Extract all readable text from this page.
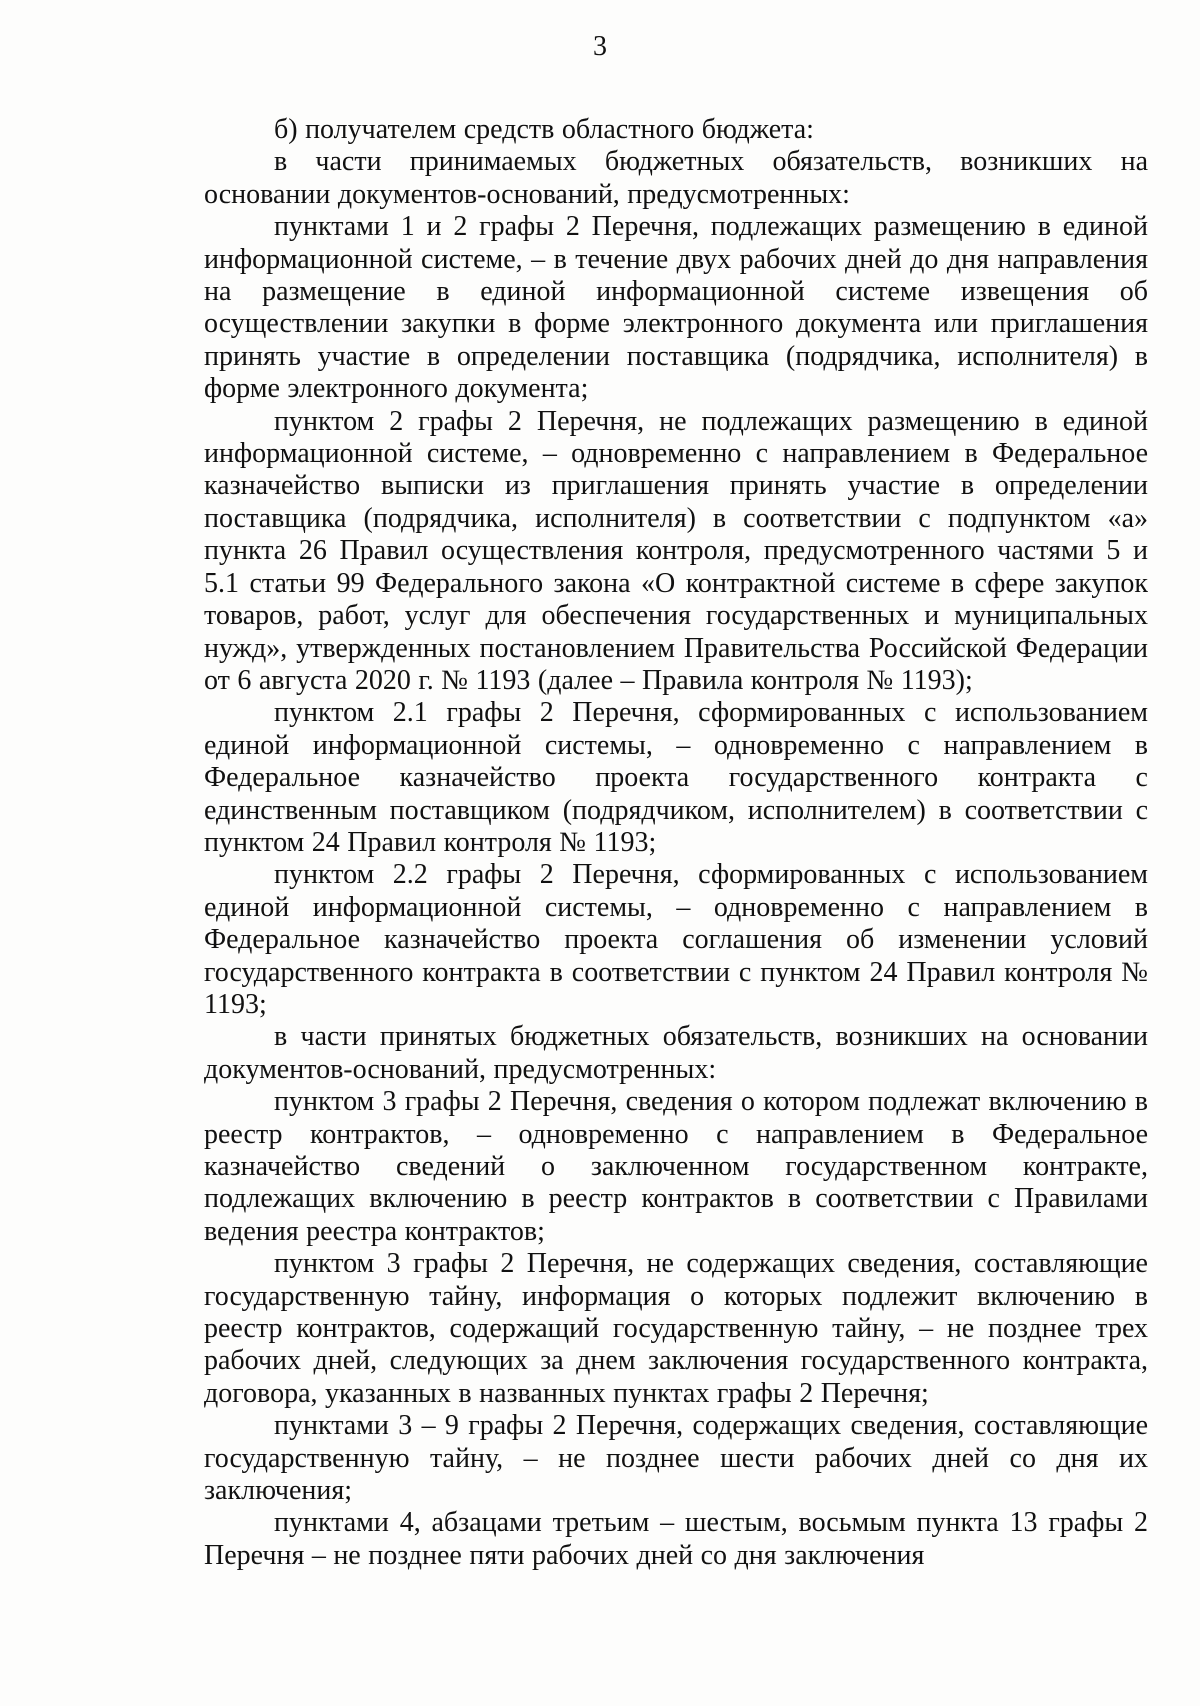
3

б) получателем средств областного бюджета:

в части принимаемых бюджетных обязательств, возникших на основании документов-оснований, предусмотренных:

пунктами 1 и 2 графы 2 Перечня, подлежащих размещению в единой информационной системе, – в течение двух рабочих дней до дня направления на размещение в единой информационной системе извещения об осуществлении закупки в форме электронного документа или приглашения принять участие в определении поставщика (подрядчика, исполнителя) в форме электронного документа;

пунктом 2 графы 2 Перечня, не подлежащих размещению в единой информационной системе, – одновременно с направлением в Федеральное казначейство выписки из приглашения принять участие в определении поставщика (подрядчика, исполнителя) в соответствии с подпунктом «а» пункта 26 Правил осуществления контроля, предусмотренного частями 5 и 5.1 статьи 99 Федерального закона «О контрактной системе в сфере закупок товаров, работ, услуг для обеспечения государственных и муниципальных нужд», утвержденных постановлением Правительства Российской Федерации от 6 августа 2020 г. № 1193 (далее – Правила контроля № 1193);

пунктом 2.1 графы 2 Перечня, сформированных с использованием единой информационной системы, – одновременно с направлением в Федеральное казначейство проекта государственного контракта с единственным поставщиком (подрядчиком, исполнителем) в соответствии с пунктом 24 Правил контроля № 1193;

пунктом 2.2 графы 2 Перечня, сформированных с использованием единой информационной системы, – одновременно с направлением в Федеральное казначейство проекта соглашения об изменении условий государственного контракта в соответствии с пунктом 24 Правил контроля № 1193;

в части принятых бюджетных обязательств, возникших на основании документов-оснований, предусмотренных:

пунктом 3 графы 2 Перечня, сведения о котором подлежат включению в реестр контрактов, – одновременно с направлением в Федеральное казначейство сведений о заключенном государственном контракте, подлежащих включению в реестр контрактов в соответствии с Правилами ведения реестра контрактов;

пунктом 3 графы 2 Перечня, не содержащих сведения, составляющие государственную тайну, информация о которых подлежит включению в реестр контрактов, содержащий государственную тайну, – не позднее трех рабочих дней, следующих за днем заключения государственного контракта, договора, указанных в названных пунктах графы 2 Перечня;

пунктами 3 – 9 графы 2 Перечня, содержащих сведения, составляющие государственную тайну, – не позднее шести рабочих дней со дня их заключения;

пунктами 4, абзацами третьим – шестым, восьмым пункта 13 графы 2 Перечня – не позднее пяти рабочих дней со дня заключения
